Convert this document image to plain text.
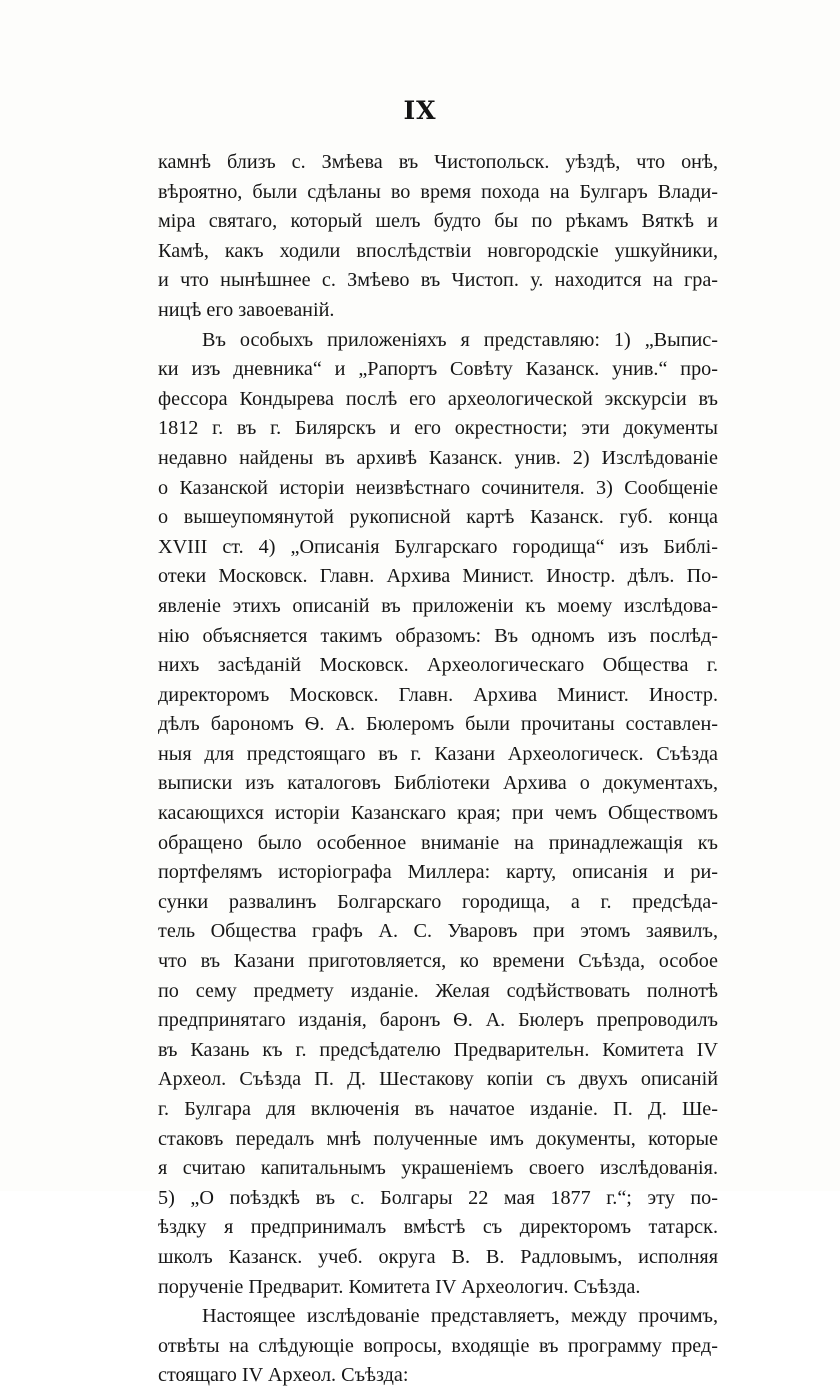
IX

камнѣ близъ с. Змѣева въ Чистопольск. уѣздѣ, что онѣ,
вѣроятно, были сдѣланы во время похода на Булгаръ Влади-
міра святаго, который шелъ будто бы по рѣкамъ Вяткѣ и
Камѣ, какъ ходили впослѣдствіи новгородскіе ушкуйники,
и что нынѣшнее с. Змѣево въ Чистоп. у. находится на гра-
ницѣ его завоеваній.

Въ особыхъ приложеніяхъ я представляю: 1) „Выпис-
ки изъ дневника“ и „Рапортъ Совѣту Казанск. унив.“ про-
фессора Кондырева послѣ его археологической экскурсіи въ
1812 г. въ г. Билярскъ и его окрестности; эти документы
недавно найдены въ архивѣ Казанск. унив. 2) Изслѣдованіе
о Казанской исторіи неизвѣстнаго сочинителя. 3) Сообщеніе
о вышеупомянутой рукописной картѣ Казанск. губ. конца
XVIII ст. 4) „Описанія Булгарскаго городища“ изъ Библі-
отеки Московск. Главн. Архива Минист. Иностр. дѣлъ. По-
явленіе этихъ описаній въ приложеніи къ моему изслѣдова-
нію объясняется такимъ образомъ: Въ одномъ изъ послѣд-
нихъ засѣданій Московск. Археологическаго Общества г.
директоромъ Московск. Главн. Архива Минист. Иностр.
дѣлъ барономъ Ѳ. А. Бюлеромъ были прочитаны составлен-
ныя для предстоящаго въ г. Казани Археологическ. Съѣзда
выписки изъ каталоговъ Библіотеки Архива о документахъ,
касающихся исторіи Казанскаго края; при чемъ Обществомъ
обращено было особенное вниманіе на принадлежащія къ
портфелямъ исторіографа Миллера: карту, описанія и ри-
сунки развалинъ Болгарскаго городища, а г. предсѣда-
тель Общества графъ А. С. Уваровъ при этомъ заявилъ,
что въ Казани приготовляется, ко времени Съѣзда, особое
по сему предмету изданіе. Желая содѣйствовать полнотѣ
предпринятаго изданія, баронъ Ѳ. А. Бюлеръ препроводилъ
въ Казань къ г. предсѣдателю Предварительн. Комитета IV
Археол. Съѣзда П. Д. Шестакову копіи съ двухъ описаній
г. Булгара для включенія въ начатое изданіе. П. Д. Ше-
стаковъ передалъ мнѣ полученные имъ документы, которые
я считаю капитальнымъ украшеніемъ своего изслѣдованія.
5) „О поѣздкѣ въ с. Болгары 22 мая 1877 г.“; эту по-
ѣздку я предпринималъ вмѣстѣ съ директоромъ татарск.
школъ Казанск. учеб. округа В. В. Радловымъ, исполняя
порученіе Предварит. Комитета IV Археологич. Съѣзда.

Настоящее изслѣдованіе представляетъ, между прочимъ,
отвѣты на слѣдующіе вопросы, входящіе въ программу пред-
стоящаго IV Археол. Съѣзда:
